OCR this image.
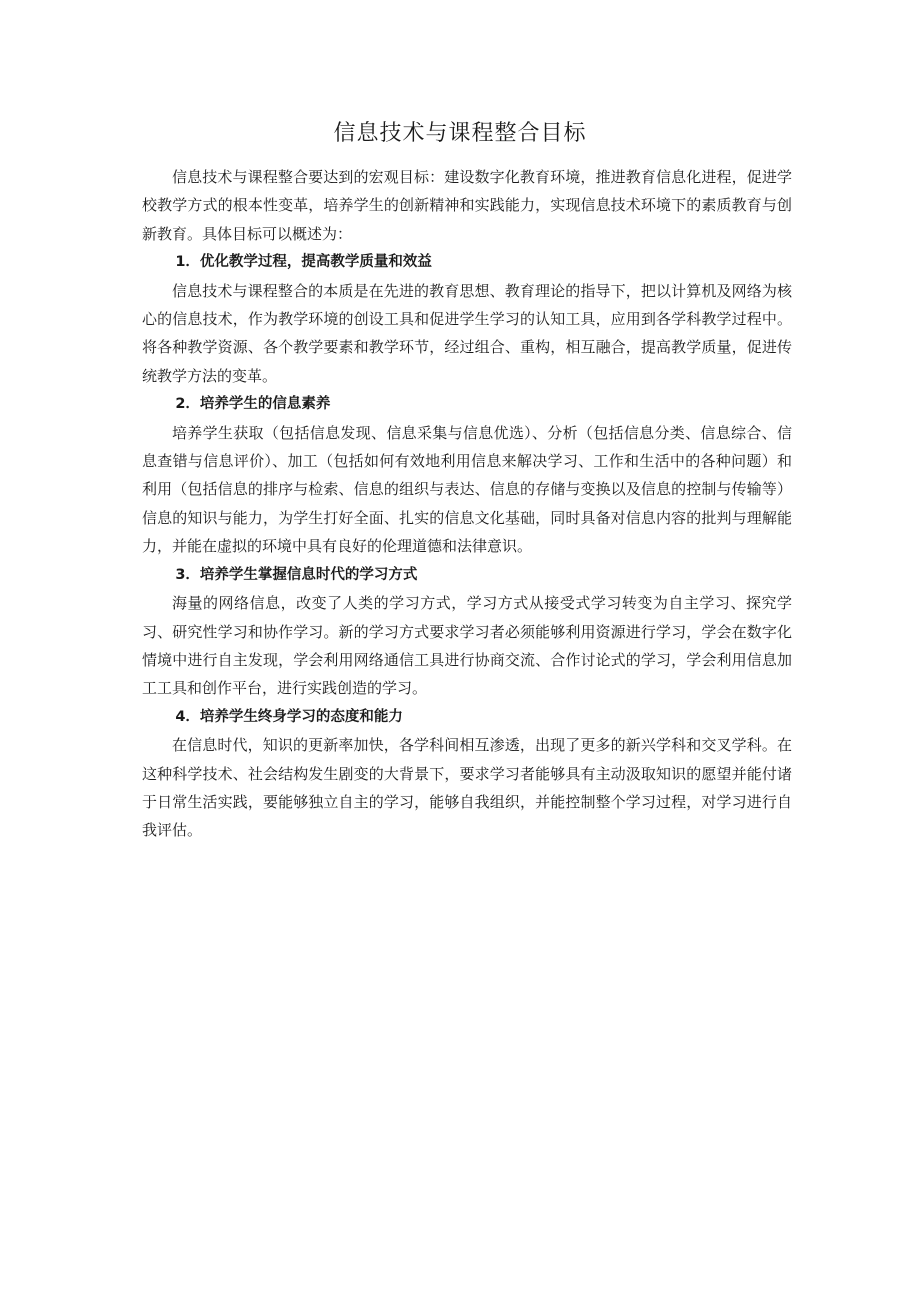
信息技术与课程整合目标

信息技术与课程整合要达到的宏观目标：建设数字化教育环境，推进教育信息化进程，促进学校教学方式的根本性变革，培养学生的创新精神和实践能力，实现信息技术环境下的素质教育与创新教育。具体目标可以概述为：

1．优化教学过程，提高教学质量和效益

信息技术与课程整合的本质是在先进的教育思想、教育理论的指导下，把以计算机及网络为核心的信息技术，作为教学环境的创设工具和促进学生学习的认知工具，应用到各学科教学过程中。将各种教学资源、各个教学要素和教学环节，经过组合、重构，相互融合，提高教学质量，促进传统教学方法的变革。

2．培养学生的信息素养

培养学生获取（包括信息发现、信息采集与信息优选）、分析（包括信息分类、信息综合、信息查错与信息评价）、加工（包括如何有效地利用信息来解决学习、工作和生活中的各种问题）和利用（包括信息的排序与检索、信息的组织与表达、信息的存储与变换以及信息的控制与传输等）信息的知识与能力，为学生打好全面、扎实的信息文化基础，同时具备对信息内容的批判与理解能力，并能在虚拟的环境中具有良好的伦理道德和法律意识。

3．培养学生掌握信息时代的学习方式

海量的网络信息，改变了人类的学习方式，学习方式从接受式学习转变为自主学习、探究学习、研究性学习和协作学习。新的学习方式要求学习者必须能够利用资源进行学习，学会在数字化情境中进行自主发现，学会利用网络通信工具进行协商交流、合作讨论式的学习，学会利用信息加工工具和创作平台，进行实践创造的学习。

4．培养学生终身学习的态度和能力

在信息时代，知识的更新率加快，各学科间相互渗透，出现了更多的新兴学科和交叉学科。在这种科学技术、社会结构发生剧变的大背景下，要求学习者能够具有主动汲取知识的愿望并能付诸于日常生活实践，要能够独立自主的学习，能够自我组织，并能控制整个学习过程，对学习进行自我评估。
